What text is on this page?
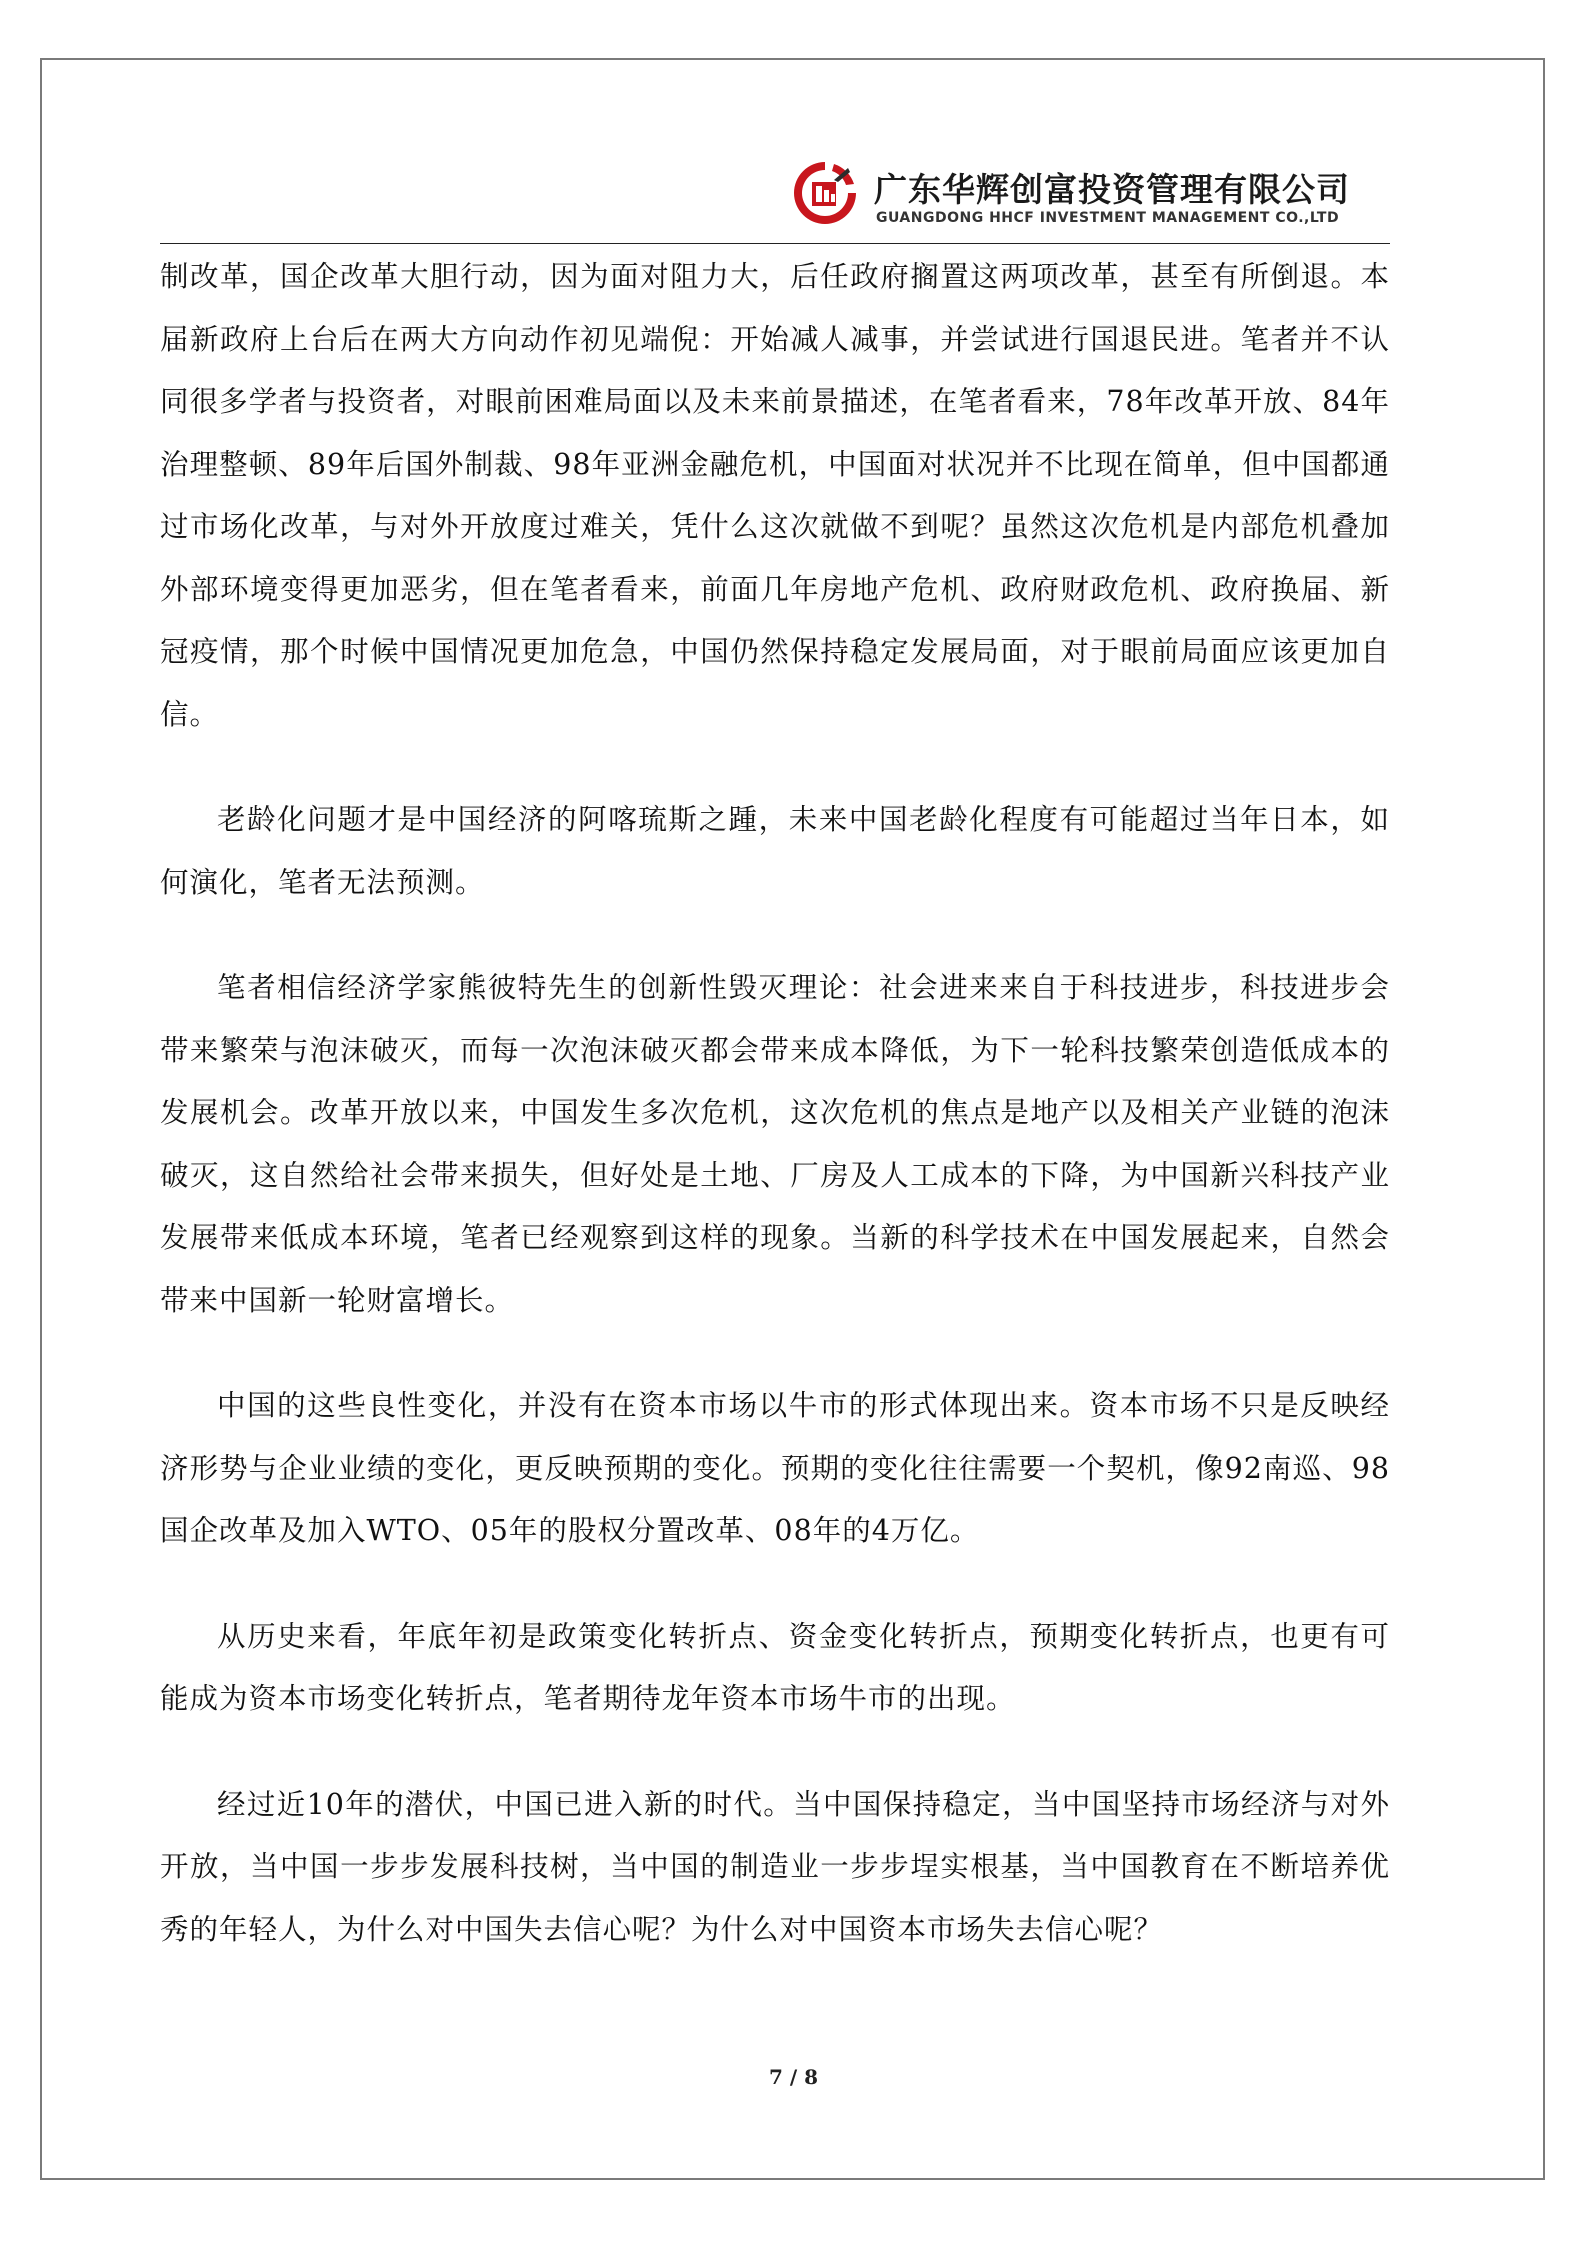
广东华辉创富投资管理有限公司
GUANGDONG HHCF INVESTMENT MANAGEMENT CO.,LTD

制改革，国企改革大胆行动，因为面对阻力大，后任政府搁置这两项改革，甚至有所倒退。本届新政府上台后在两大方向动作初见端倪：开始减人减事，并尝试进行国退民进。笔者并不认同很多学者与投资者，对眼前困难局面以及未来前景描述，在笔者看来，78年改革开放、84年治理整顿、89年后国外制裁、98年亚洲金融危机，中国面对状况并不比现在简单，但中国都通过市场化改革，与对外开放度过难关，凭什么这次就做不到呢？虽然这次危机是内部危机叠加外部环境变得更加恶劣，但在笔者看来，前面几年房地产危机、政府财政危机、政府换届、新冠疫情，那个时候中国情况更加危急，中国仍然保持稳定发展局面，对于眼前局面应该更加自信。

老龄化问题才是中国经济的阿喀琉斯之踵，未来中国老龄化程度有可能超过当年日本，如何演化，笔者无法预测。

笔者相信经济学家熊彼特先生的创新性毁灭理论：社会进来来自于科技进步，科技进步会带来繁荣与泡沫破灭，而每一次泡沫破灭都会带来成本降低，为下一轮科技繁荣创造低成本的发展机会。改革开放以来，中国发生多次危机，这次危机的焦点是地产以及相关产业链的泡沫破灭，这自然给社会带来损失，但好处是土地、厂房及人工成本的下降，为中国新兴科技产业发展带来低成本环境，笔者已经观察到这样的现象。当新的科学技术在中国发展起来，自然会带来中国新一轮财富增长。

中国的这些良性变化，并没有在资本市场以牛市的形式体现出来。资本市场不只是反映经济形势与企业业绩的变化，更反映预期的变化。预期的变化往往需要一个契机，像92南巡、98国企改革及加入WTO、05年的股权分置改革、08年的4万亿。

从历史来看，年底年初是政策变化转折点、资金变化转折点，预期变化转折点，也更有可能成为资本市场变化转折点，笔者期待龙年资本市场牛市的出现。

经过近10年的潜伏，中国已进入新的时代。当中国保持稳定，当中国坚持市场经济与对外开放，当中国一步步发展科技树，当中国的制造业一步步埕实根基，当中国教育在不断培养优秀的年轻人，为什么对中国失去信心呢？为什么对中国资本市场失去信心呢？

7 / 8
